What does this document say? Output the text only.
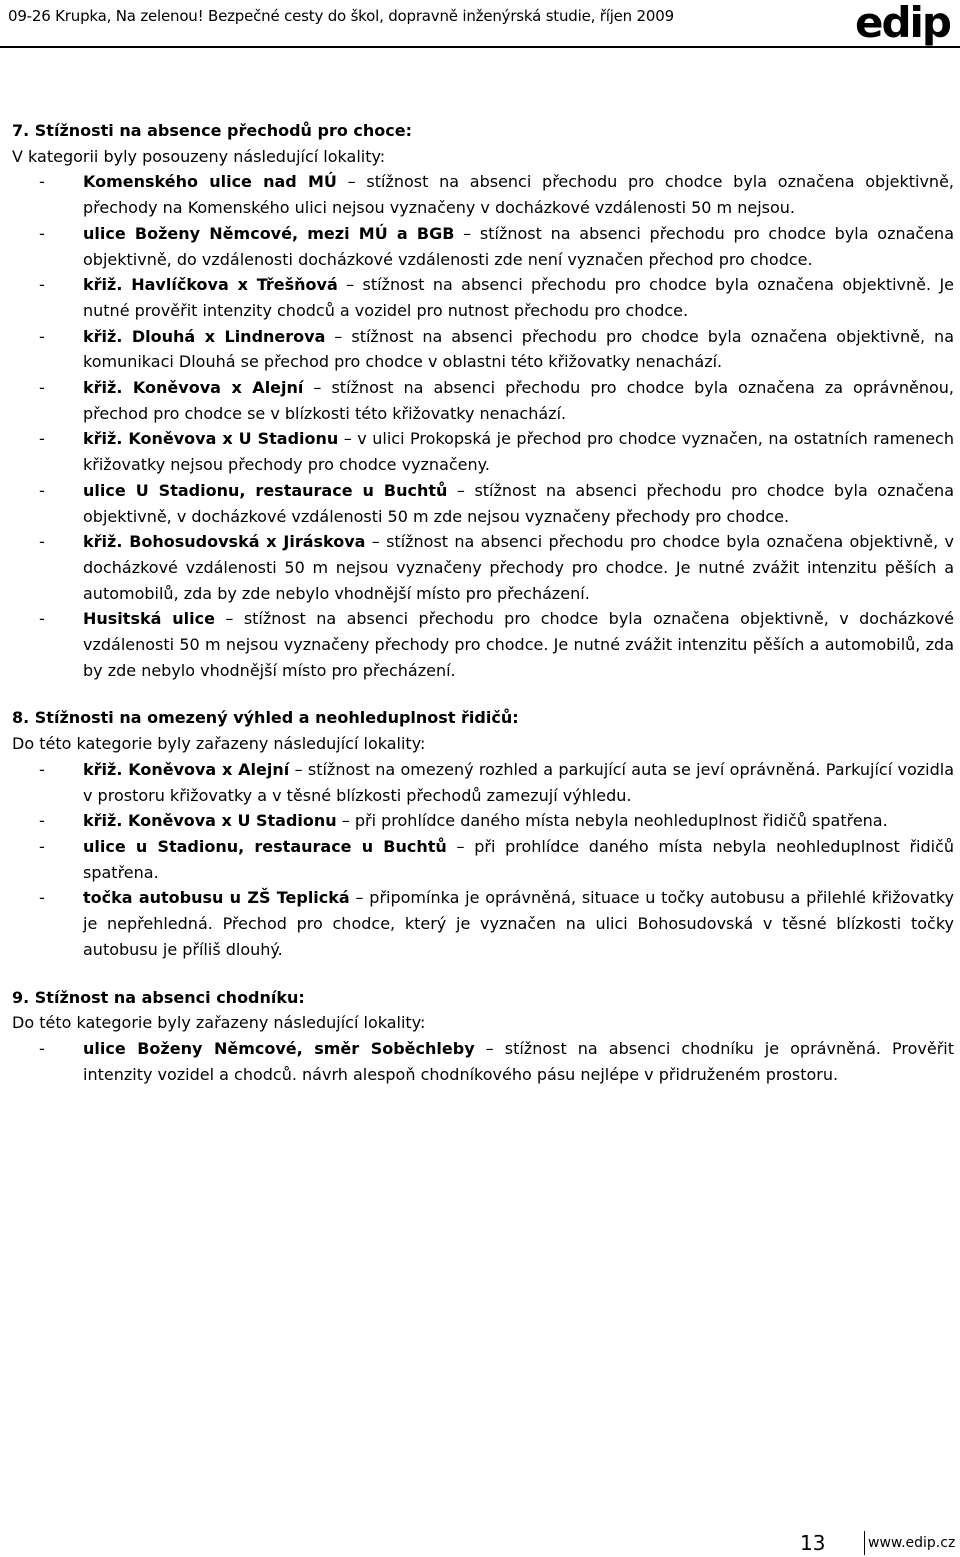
09-26 Krupka, Na zelenou! Bezpečné cesty do škol, dopravně inženýrská studie, říjen 2009	edip
7. Stížnosti na absence přechodů pro choce:
V kategorii byly posouzeny následující lokality:
- Komenského ulice nad MÚ – stížnost na absenci přechodu pro chodce byla označena objektivně, přechody na Komenského ulici nejsou vyznačeny v docházkové vzdálenosti 50 m nejsou.
- ulice Boženy Němcové, mezi MÚ a BGB – stížnost na absenci přechodu pro chodce byla označena objektivně, do vzdálenosti docházkové vzdálenosti zde není vyznačen přechod pro chodce.
- křiž. Havlíčkova x Třešňová – stížnost na absenci přechodu pro chodce byla označena objektivně. Je nutné prověřit intenzity chodců a vozidel pro nutnost přechodu pro chodce.
- křiž. Dlouhá x Lindnerova – stížnost na absenci přechodu pro chodce byla označena objektivně, na komunikaci Dlouhá se přechod pro chodce v oblastni této křižovatky nenachází.
- křiž. Koněvova x Alejní – stížnost na absenci přechodu pro chodce byla označena za oprávněnou, přechod pro chodce se v blízkosti této křižovatky nenachází.
- křiž. Koněvova x U Stadionu – v ulici Prokopská je přechod pro chodce vyznačen, na ostatních ramenech křižovatky nejsou přechody pro chodce vyznačeny.
- ulice U Stadionu, restaurace u Buchtů – stížnost na absenci přechodu pro chodce byla označena objektivně, v docházkové vzdálenosti 50 m zde nejsou vyznačeny přechody pro chodce.
- křiž. Bohosudovská x Jiráskova – stížnost na absenci přechodu pro chodce byla označena objektivně, v docházkové vzdálenosti 50 m nejsou vyznačeny přechody pro chodce. Je nutné zvážit intenzitu pěších a automobilů, zda by zde nebylo vhodnější místo pro přecházení.
- Husitská ulice – stížnost na absenci přechodu pro chodce byla označena objektivně, v docházkové vzdálenosti 50 m nejsou vyznačeny přechody pro chodce. Je nutné zvážit intenzitu pěších a automobilů, zda by zde nebylo vhodnější místo pro přecházení.
8. Stížnosti na omezený výhled a neohleduplnost řidičů:
Do této kategorie byly zařazeny následující lokality:
- křiž. Koněvova x Alejní – stížnost na omezený rozhled a parkující auta se jeví oprávněná. Parkující vozidla v prostoru křižovatky a v těsné blízkosti přechodů zamezují výhledu.
- křiž. Koněvova x U Stadionu – při prohlídce daného místa nebyla neohleduplnost řidičů spatřena.
- ulice u Stadionu, restaurace u Buchtů – při prohlídce daného místa nebyla neohleduplnost řidičů spatřena.
- točka autobusu u ZŠ Teplická – připomínka je oprávněná, situace u točky autobusu a přilehlé křižovatky je nepřehledná. Přechod pro chodce, který je vyznačen na ulici Bohosudovská v těsné blízkosti točky autobusu je příliš dlouhý.
9. Stížnost na absenci chodníku:
Do této kategorie byly zařazeny následující lokality:
- ulice Boženy Němcové, směr Soběchleby – stížnost na absenci chodníku je oprávněná. Prověřit intenzity vozidel a chodců. návrh alespoň chodníkového pásu nejlépe v přidruženém prostoru.
13	www.edip.cz
